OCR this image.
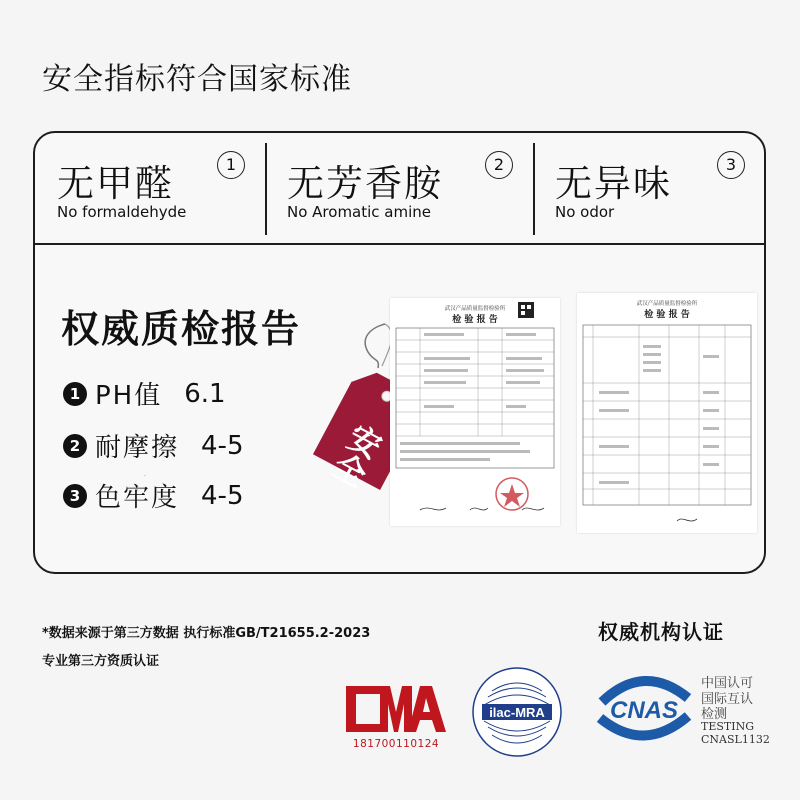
安全指标符合国家标准
无甲醛	1
No formaldehyde
无芳香胺	2
No Aromatic amine
无异味	3
No odor
权威质检报告
1 PH值 6.1
2 耐摩擦 4-5
3 色牢度 4-5
安全
武汉产品质量监督检验所
检 验 报 告
武汉产品质量监督检验所
检 验 报 告
*数据来源于第三方数据 执行标准GB/T21655.2-2023
专业第三方资质认证
权威机构认证
CMA
181700110124
ilac-MRA	CNAS
中国认可
国际互认
检测
TESTING
CNASL1132
